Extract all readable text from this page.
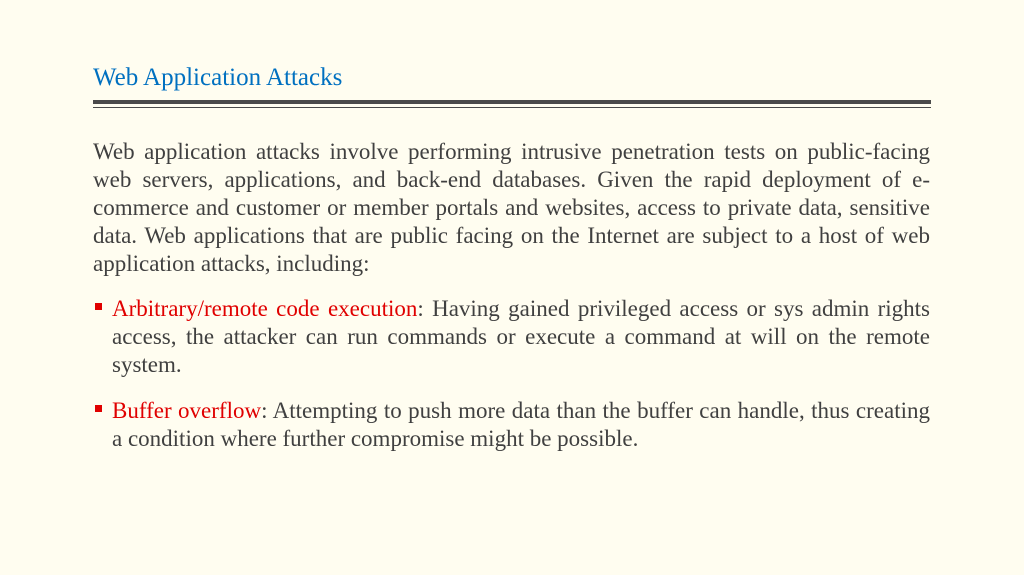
Web Application Attacks

Web application attacks involve performing intrusive penetration tests on public-facing web servers, applications, and back-end databases. Given the rapid deployment of e-commerce and customer or member portals and websites, access to private data, sensitive data. Web applications that are public facing on the Internet are subject to a host of web application attacks, including:

Arbitrary/remote code execution: Having gained privileged access or sys admin rights access, the attacker can run commands or execute a command at will on the remote system.
Buffer overflow: Attempting to push more data than the buffer can handle, thus creating a condition where further compromise might be possible.
